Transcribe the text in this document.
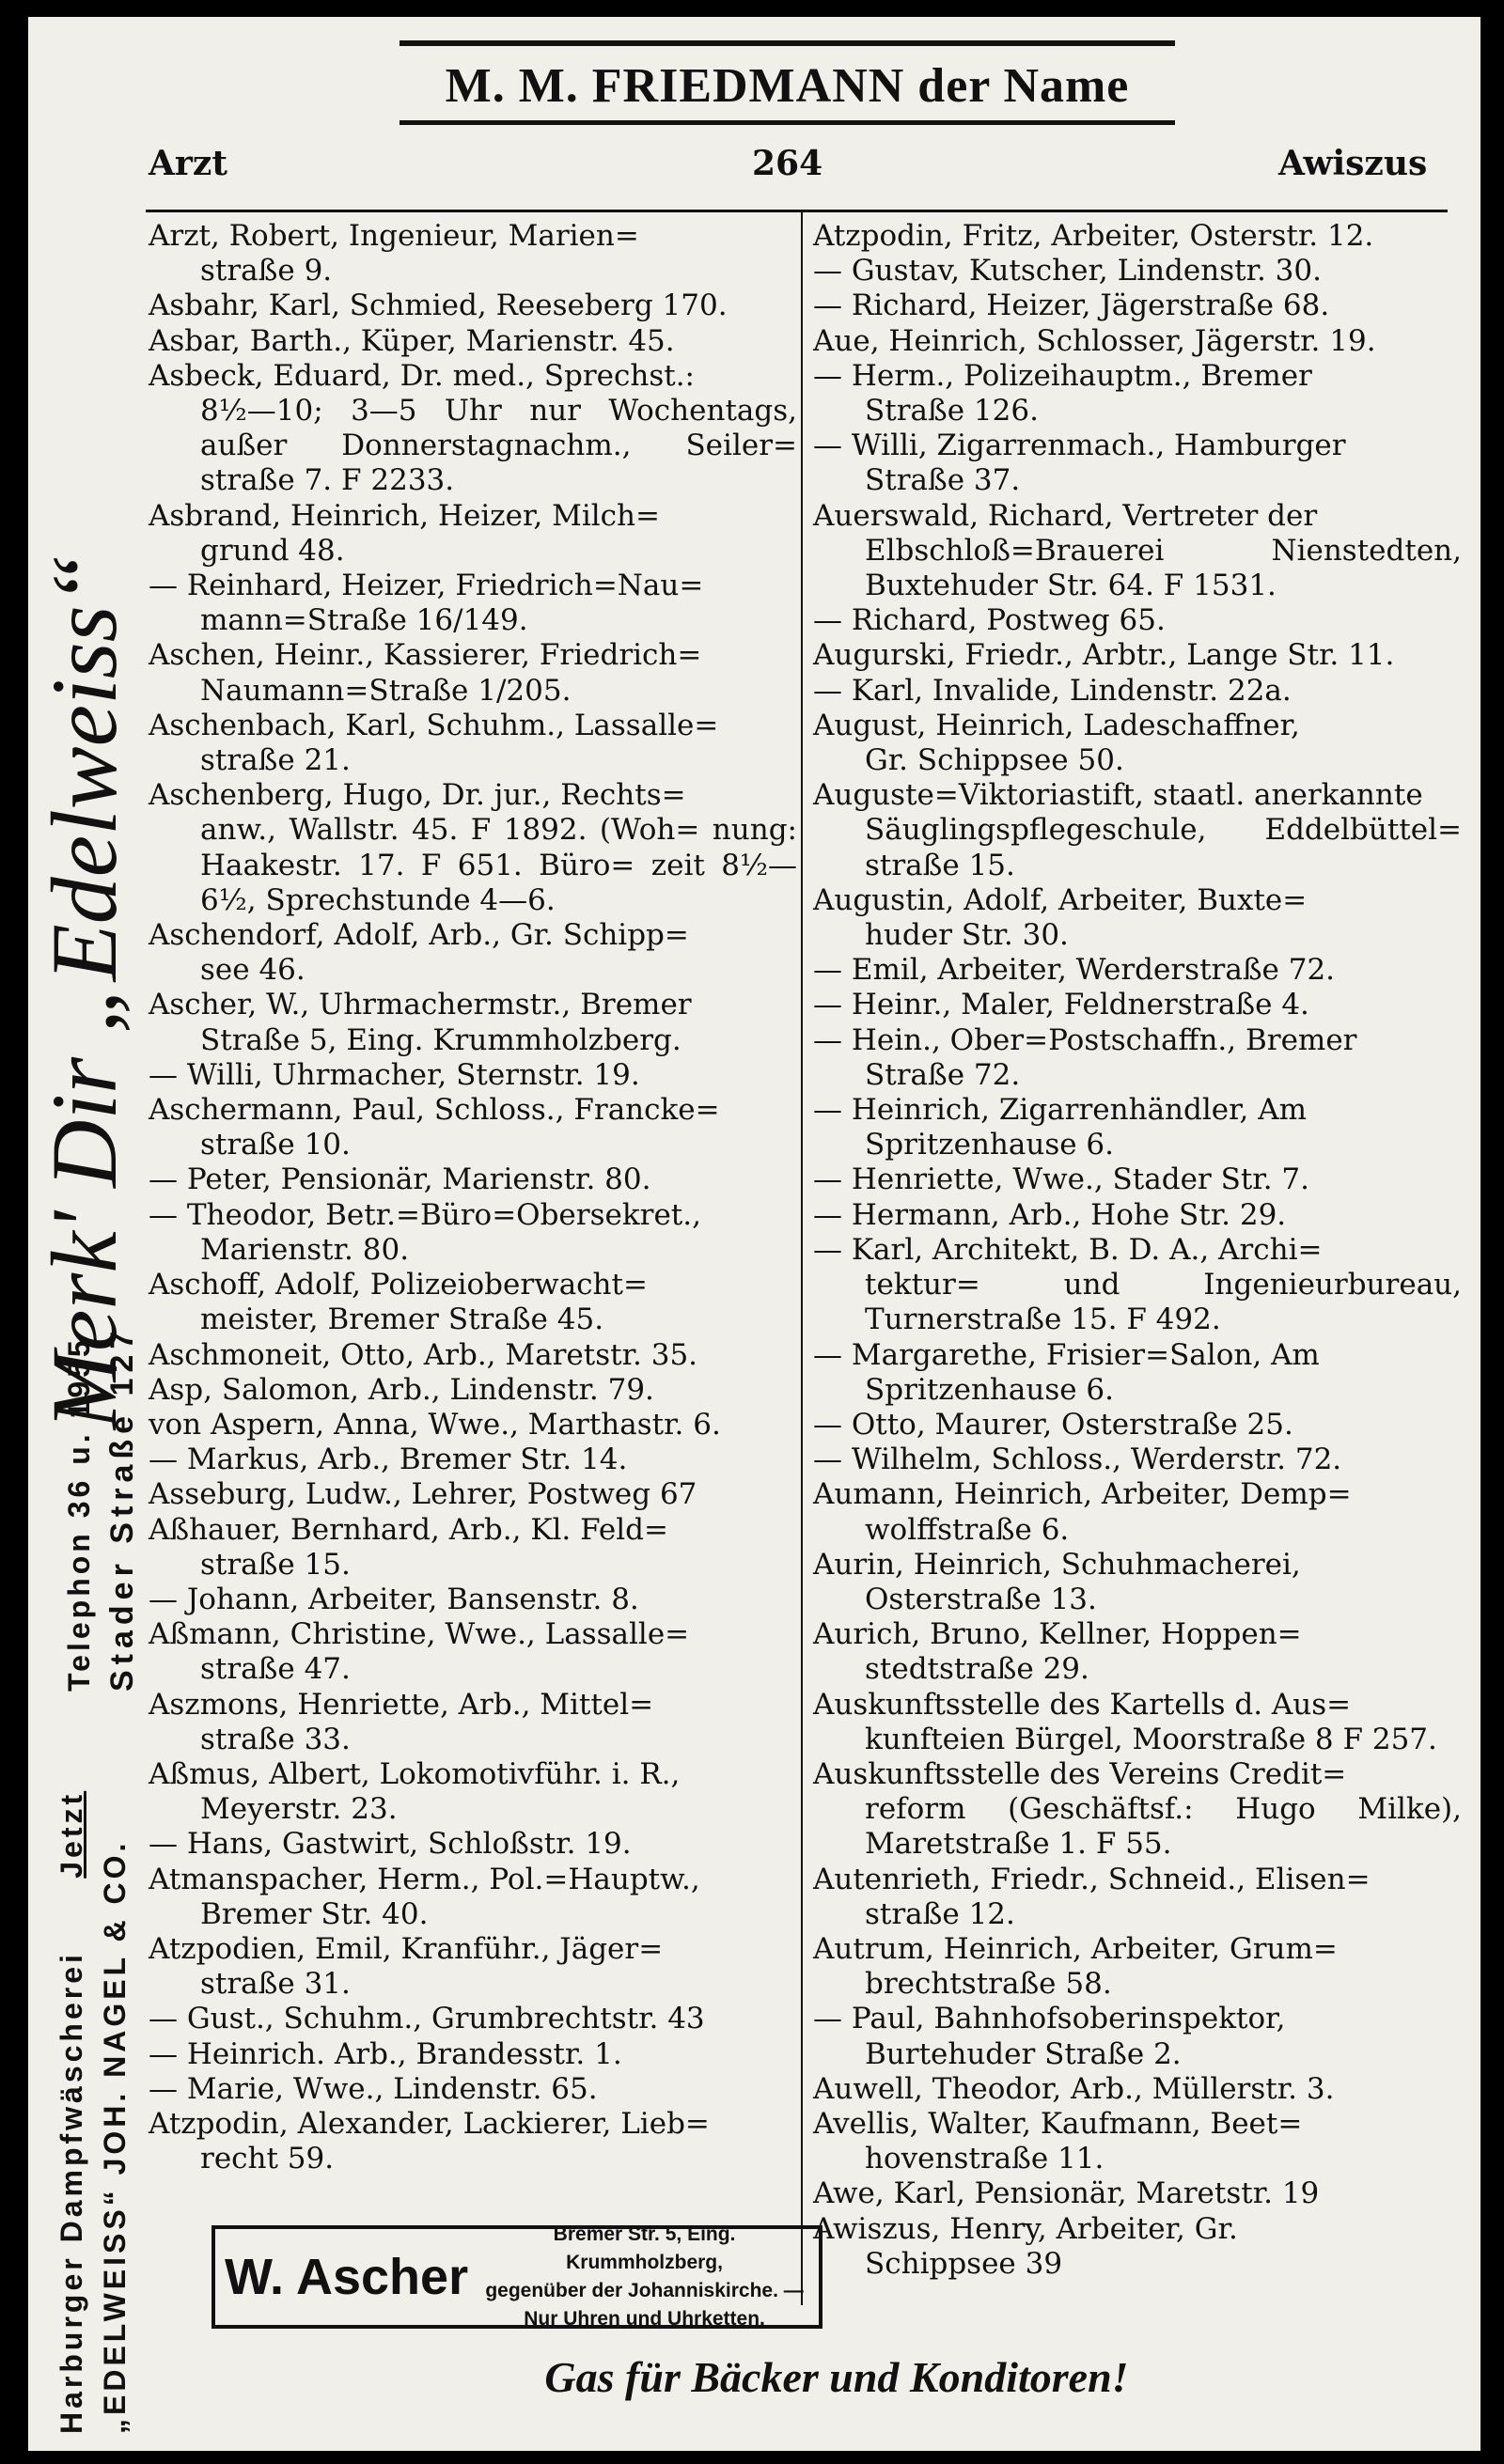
M. M. FRIEDMANN der Name
Arzt	264	Awiszus
Arzt, Robert, Ingenieur, Marien=
straße 9.
Asbahr, Karl, Schmied, Reeseberg 170.
Asbar, Barth., Küper, Marienstr. 45.
Asbeck, Eduard, Dr. med., Sprechst.:
8½—10; 3—5 Uhr nur Wochentags, außer Donnerstagnachm., Seiler= straße 7. F 2233.
Asbrand, Heinrich, Heizer, Milch=
grund 48.
— Reinhard, Heizer, Friedrich=Nau=
mann=Straße 16/149.
Aschen, Heinr., Kassierer, Friedrich=
Naumann=Straße 1/205.
Aschenbach, Karl, Schuhm., Lassalle=
straße 21.
Aschenberg, Hugo, Dr. jur., Rechts=
anw., Wallstr. 45. F 1892. (Woh= nung: Haakestr. 17. F 651. Büro= zeit 8½—6½, Sprechstunde 4—6.
Aschendorf, Adolf, Arb., Gr. Schipp=
see 46.
Ascher, W., Uhrmachermstr., Bremer
Straße 5, Eing. Krummholzberg.
— Willi, Uhrmacher, Sternstr. 19.
Aschermann, Paul, Schloss., Francke=
straße 10.
— Peter, Pensionär, Marienstr. 80.
— Theodor, Betr.=Büro=Obersekret.,
Marienstr. 80.
Aschoff, Adolf, Polizeioberwacht=
meister, Bremer Straße 45.
Aschmoneit, Otto, Arb., Maretstr. 35.
Asp, Salomon, Arb., Lindenstr. 79.
von Aspern, Anna, Wwe., Marthastr. 6.
— Markus, Arb., Bremer Str. 14.
Asseburg, Ludw., Lehrer, Postweg 67
Aßhauer, Bernhard, Arb., Kl. Feld=
straße 15.
— Johann, Arbeiter, Bansenstr. 8.
Aßmann, Christine, Wwe., Lassalle=
straße 47.
Aszmons, Henriette, Arb., Mittel=
straße 33.
Aßmus, Albert, Lokomotivführ. i. R.,
Meyerstr. 23.
— Hans, Gastwirt, Schloßstr. 19.
Atmanspacher, Herm., Pol.=Hauptw.,
Bremer Str. 40.
Atzpodien, Emil, Kranführ., Jäger=
straße 31.
— Gust., Schuhm., Grumbrechtstr. 43
— Heinrich. Arb., Brandesstr. 1.
— Marie, Wwe., Lindenstr. 65.
Atzpodin, Alexander, Lackierer, Lieb=
recht 59.
Atzpodin, Fritz, Arbeiter, Osterstr. 12.
— Gustav, Kutscher, Lindenstr. 30.
— Richard, Heizer, Jägerstraße 68.
Aue, Heinrich, Schlosser, Jägerstr. 19.
— Herm., Polizeihauptm., Bremer
Straße 126.
— Willi, Zigarrenmach., Hamburger
Straße 37.
Auerswald, Richard, Vertreter der
Elbschloß=Brauerei Nienstedten, Buxtehuder Str. 64. F 1531.
— Richard, Postweg 65.
Augurski, Friedr., Arbtr., Lange Str. 11.
— Karl, Invalide, Lindenstr. 22a.
August, Heinrich, Ladeschaffner,
Gr. Schippsee 50.
Auguste=Viktoriastift, staatl. anerkannte
Säuglingspflegeschule, Eddelbüttel= straße 15.
Augustin, Adolf, Arbeiter, Buxte=
huder Str. 30.
— Emil, Arbeiter, Werderstraße 72.
— Heinr., Maler, Feldnerstraße 4.
— Hein., Ober=Postschaffn., Bremer
Straße 72.
— Heinrich, Zigarrenhändler, Am
Spritzenhause 6.
— Henriette, Wwe., Stader Str. 7.
— Hermann, Arb., Hohe Str. 29.
— Karl, Architekt, B. D. A., Archi=
tektur= und Ingenieurbureau, Turnerstraße 15. F 492.
— Margarethe, Frisier=Salon, Am
Spritzenhause 6.
— Otto, Maurer, Osterstraße 25.
— Wilhelm, Schloss., Werderstr. 72.
Aumann, Heinrich, Arbeiter, Demp=
wolffstraße 6.
Aurin, Heinrich, Schuhmacherei,
Osterstraße 13.
Aurich, Bruno, Kellner, Hoppen=
stedtstraße 29.
Auskunftsstelle des Kartells d. Aus=
kunfteien Bürgel, Moorstraße 8 F 257.
Auskunftsstelle des Vereins Credit=
reform (Geschäftsf.: Hugo Milke), Maretstraße 1. F 55.
Autenrieth, Friedr., Schneid., Elisen=
straße 12.
Autrum, Heinrich, Arbeiter, Grum=
brechtstraße 58.
— Paul, Bahnhofsoberinspektor,
Burtehuder Straße 2.
Auwell, Theodor, Arb., Müllerstr. 3.
Avellis, Walter, Kaufmann, Beet=
hovenstraße 11.
Awe, Karl, Pensionär, Maretstr. 19
Awiszus, Henry, Arbeiter, Gr.
Schippsee 39
W. Ascher
Bremer Str. 5, Eing. Krummholzberg,
gegenüber der Johanniskirche. —
Nur Uhren und Uhrketten.
Gas für Bäcker und Konditoren!
Merk' Dir „Edelweiss“
Stader Straße 127
Telephon 36 u. 1955
Harburger Dampfwäscherei      Jetzt
„EDELWEISS“ JOH. NAGEL & CO.
